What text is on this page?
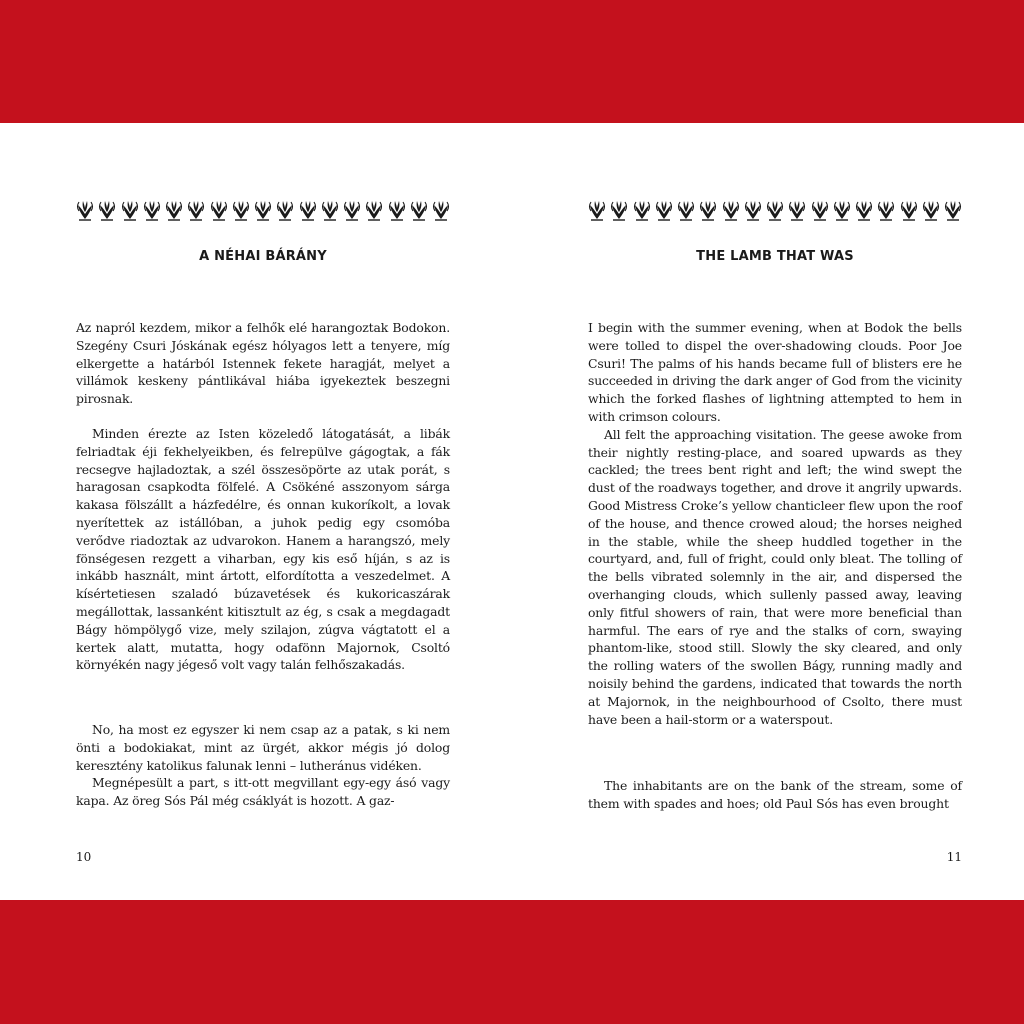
A NÉHAI BÁRÁNY

Az napról kezdem, mikor a felhők elé harangoztak Bodokon. Szegény Csuri Jóskának egész hólyagos lett a tenyere, míg elkergette a határból Istennek fekete haragját, melyet a villámok keskeny pántlikával hiába igyekeztek beszegni pirosnak.

Minden érezte az Isten közeledő látogatását, a libák felriadtak éji fekhelyeikben, és felrepülve gágogtak, a fák recsegve hajladoztak, a szél összesöpörte az utak porát, s haragosan csapkodta fölfelé. A Csökéné asszonyom sárga kakasa fölszállt a házfedélre, és onnan kukoríkolt, a lovak nyerítettek az istállóban, a juhok pedig egy csomóba verődve riadoztak az udvarokon. Hanem a harangszó, mely fönségesen rezgett a viharban, egy kis eső híján, s az is inkább használt, mint ártott, elfordította a veszedelmet. A kísértetiesen szaladó búzavetések és kukoricaszárak megállottak, lassanként kitisztult az ég, s csak a megdagadt Bágy hömpölygő vize, mely szilajon, zúgva vágtatott el a kertek alatt, mutatta, hogy odafönn Majornok, Csoltó környékén nagy jégeső volt vagy talán felhőszakadás.

No, ha most ez egyszer ki nem csap az a patak, s ki nem önti a bodokiakat, mint az ürgét, akkor mégis jó dolog keresztény katolikus falunak lenni – lutheránus vidéken.

Megnépesült a part, s itt-ott megvillant egy-egy ásó vagy kapa. Az öreg Sós Pál még csáklyát is hozott. A gaz-

10
THE LAMB THAT WAS

I begin with the summer evening, when at Bodok the bells were tolled to dispel the over-shadowing clouds. Poor Joe Csuri! The palms of his hands became full of blisters ere he succeeded in driving the dark anger of God from the vicinity which the forked flashes of lightning attempted to hem in with crimson colours.

All felt the approaching visitation. The geese awoke from their nightly resting-place, and soared upwards as they cackled; the trees bent right and left; the wind swept the dust of the roadways together, and drove it angrily upwards. Good Mistress Croke’s yellow chanticleer flew upon the roof of the house, and thence crowed aloud; the horses neighed in the stable, while the sheep huddled together in the courtyard, and, full of fright, could only bleat. The tolling of the bells vibrated solemnly in the air, and dispersed the overhanging clouds, which sullenly passed away, leaving only fitful showers of rain, that were more beneficial than harmful. The ears of rye and the stalks of corn, swaying phantom-like, stood still. Slowly the sky cleared, and only the rolling waters of the swollen Bágy, running madly and noisily behind the gardens, indicated that towards the north at Majornok, in the neighbourhood of Csolto, there must have been a hail-storm or a waterspout.

The inhabitants are on the bank of the stream, some of them with spades and hoes; old Paul Sós has even brought

11
